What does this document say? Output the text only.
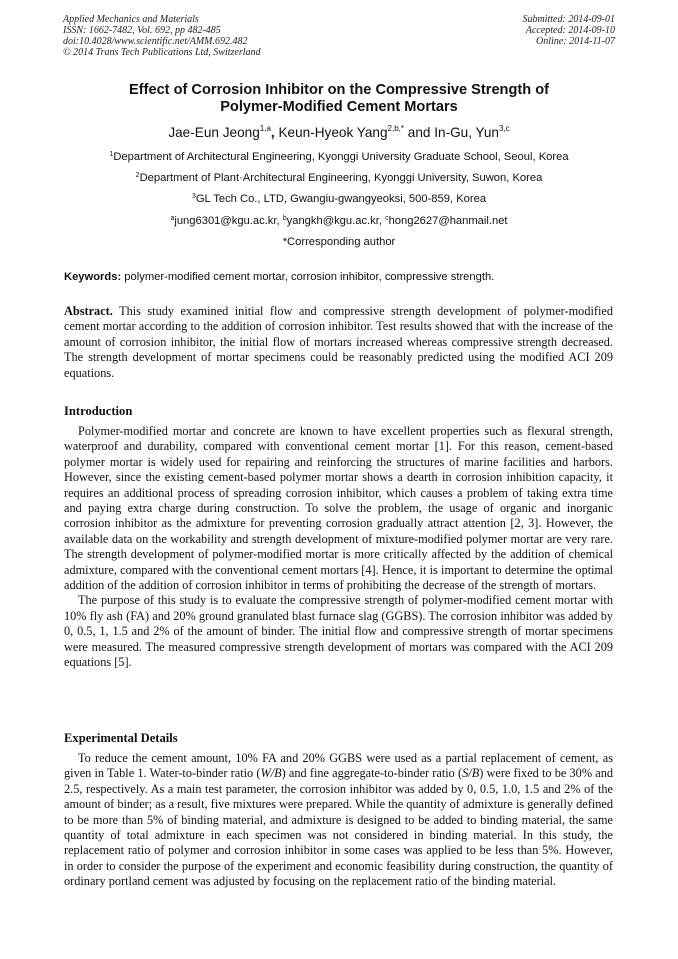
Applied Mechanics and Materials
ISSN: 1662-7482, Vol. 692, pp 482-485
doi:10.4028/www.scientific.net/AMM.692.482
© 2014 Trans Tech Publications Ltd, Switzerland
Submitted: 2014-09-01
Accepted: 2014-09-10
Online: 2014-11-07
Effect of Corrosion Inhibitor on the Compressive Strength of
Polymer-Modified Cement Mortars
Jae-Eun Jeong$^{1,a}$, Keun-Hyeok Yang$^{2,b,*}$ and In-Gu, Yun$^{3,c}$
$^1$Department of Architectural Engineering, Kyonggi University Graduate School, Seoul, Korea
$^2$Department of Plant·Architectural Engineering, Kyonggi University, Suwon, Korea
$^3$GL Tech Co., LTD, Gwangiu-gwangyeoksi, 500-859, Korea
$^a$jung6301@kgu.ac.kr, $^b$yangkh@kgu.ac.kr, $^c$hong2627@hanmail.net
*Corresponding author
Keywords: polymer-modified cement mortar, corrosion inhibitor, compressive strength.

Abstract. This study examined initial flow and compressive strength development of polymer-modified cement mortar according to the addition of corrosion inhibitor. Test results showed that with the increase of the amount of corrosion inhibitor, the initial flow of mortars increased whereas compressive strength decreased. The strength development of mortar specimens could be reasonably predicted using the modified ACI 209 equations.

Introduction

Polymer-modified mortar and concrete are known to have excellent properties such as flexural strength, waterproof and durability, compared with conventional cement mortar [1]. For this reason, cement-based polymer mortar is widely used for repairing and reinforcing the structures of marine facilities and harbors. However, since the existing cement-based polymer mortar shows a dearth in corrosion inhibition capacity, it requires an additional process of spreading corrosion inhibitor, which causes a problem of taking extra time and paying extra charge during construction. To solve the problem, the usage of organic and inorganic corrosion inhibitor as the admixture for preventing corrosion gradually attract attention [2, 3]. However, the available data on the workability and strength development of mixture-modified polymer mortar are very rare. The strength development of polymer-modified mortar is more critically affected by the addition of chemical admixture, compared with the conventional cement mortars [4]. Hence, it is important to determine the optimal addition of the addition of corrosion inhibitor in terms of prohibiting the decrease of the strength of mortars.

The purpose of this study is to evaluate the compressive strength of polymer-modified cement mortar with 10% fly ash (FA) and 20% ground granulated blast furnace slag (GGBS). The corrosion inhibitor was added by 0, 0.5, 1, 1.5 and 2% of the amount of binder. The initial flow and compressive strength of mortar specimens were measured. The measured compressive strength development of mortars was compared with the ACI 209 equations [5].

Experimental Details

To reduce the cement amount, 10% FA and 20% GGBS were used as a partial replacement of cement, as given in Table 1. Water-to-binder ratio (W/B) and fine aggregate-to-binder ratio (S/B) were fixed to be 30% and 2.5, respectively. As a main test parameter, the corrosion inhibitor was added by 0, 0.5, 1.0, 1.5 and 2% of the amount of binder; as a result, five mixtures were prepared. While the quantity of admixture is generally defined to be more than 5% of binding material, and admixture is designed to be added to binding material, the same quantity of total admixture in each specimen was not considered in binding material. In this study, the replacement ratio of polymer and corrosion inhibitor in some cases was applied to be less than 5%. However, in order to consider the purpose of the experiment and economic feasibility during construction, the quantity of ordinary portland cement was adjusted by focusing on the replacement ratio of the binding material.
